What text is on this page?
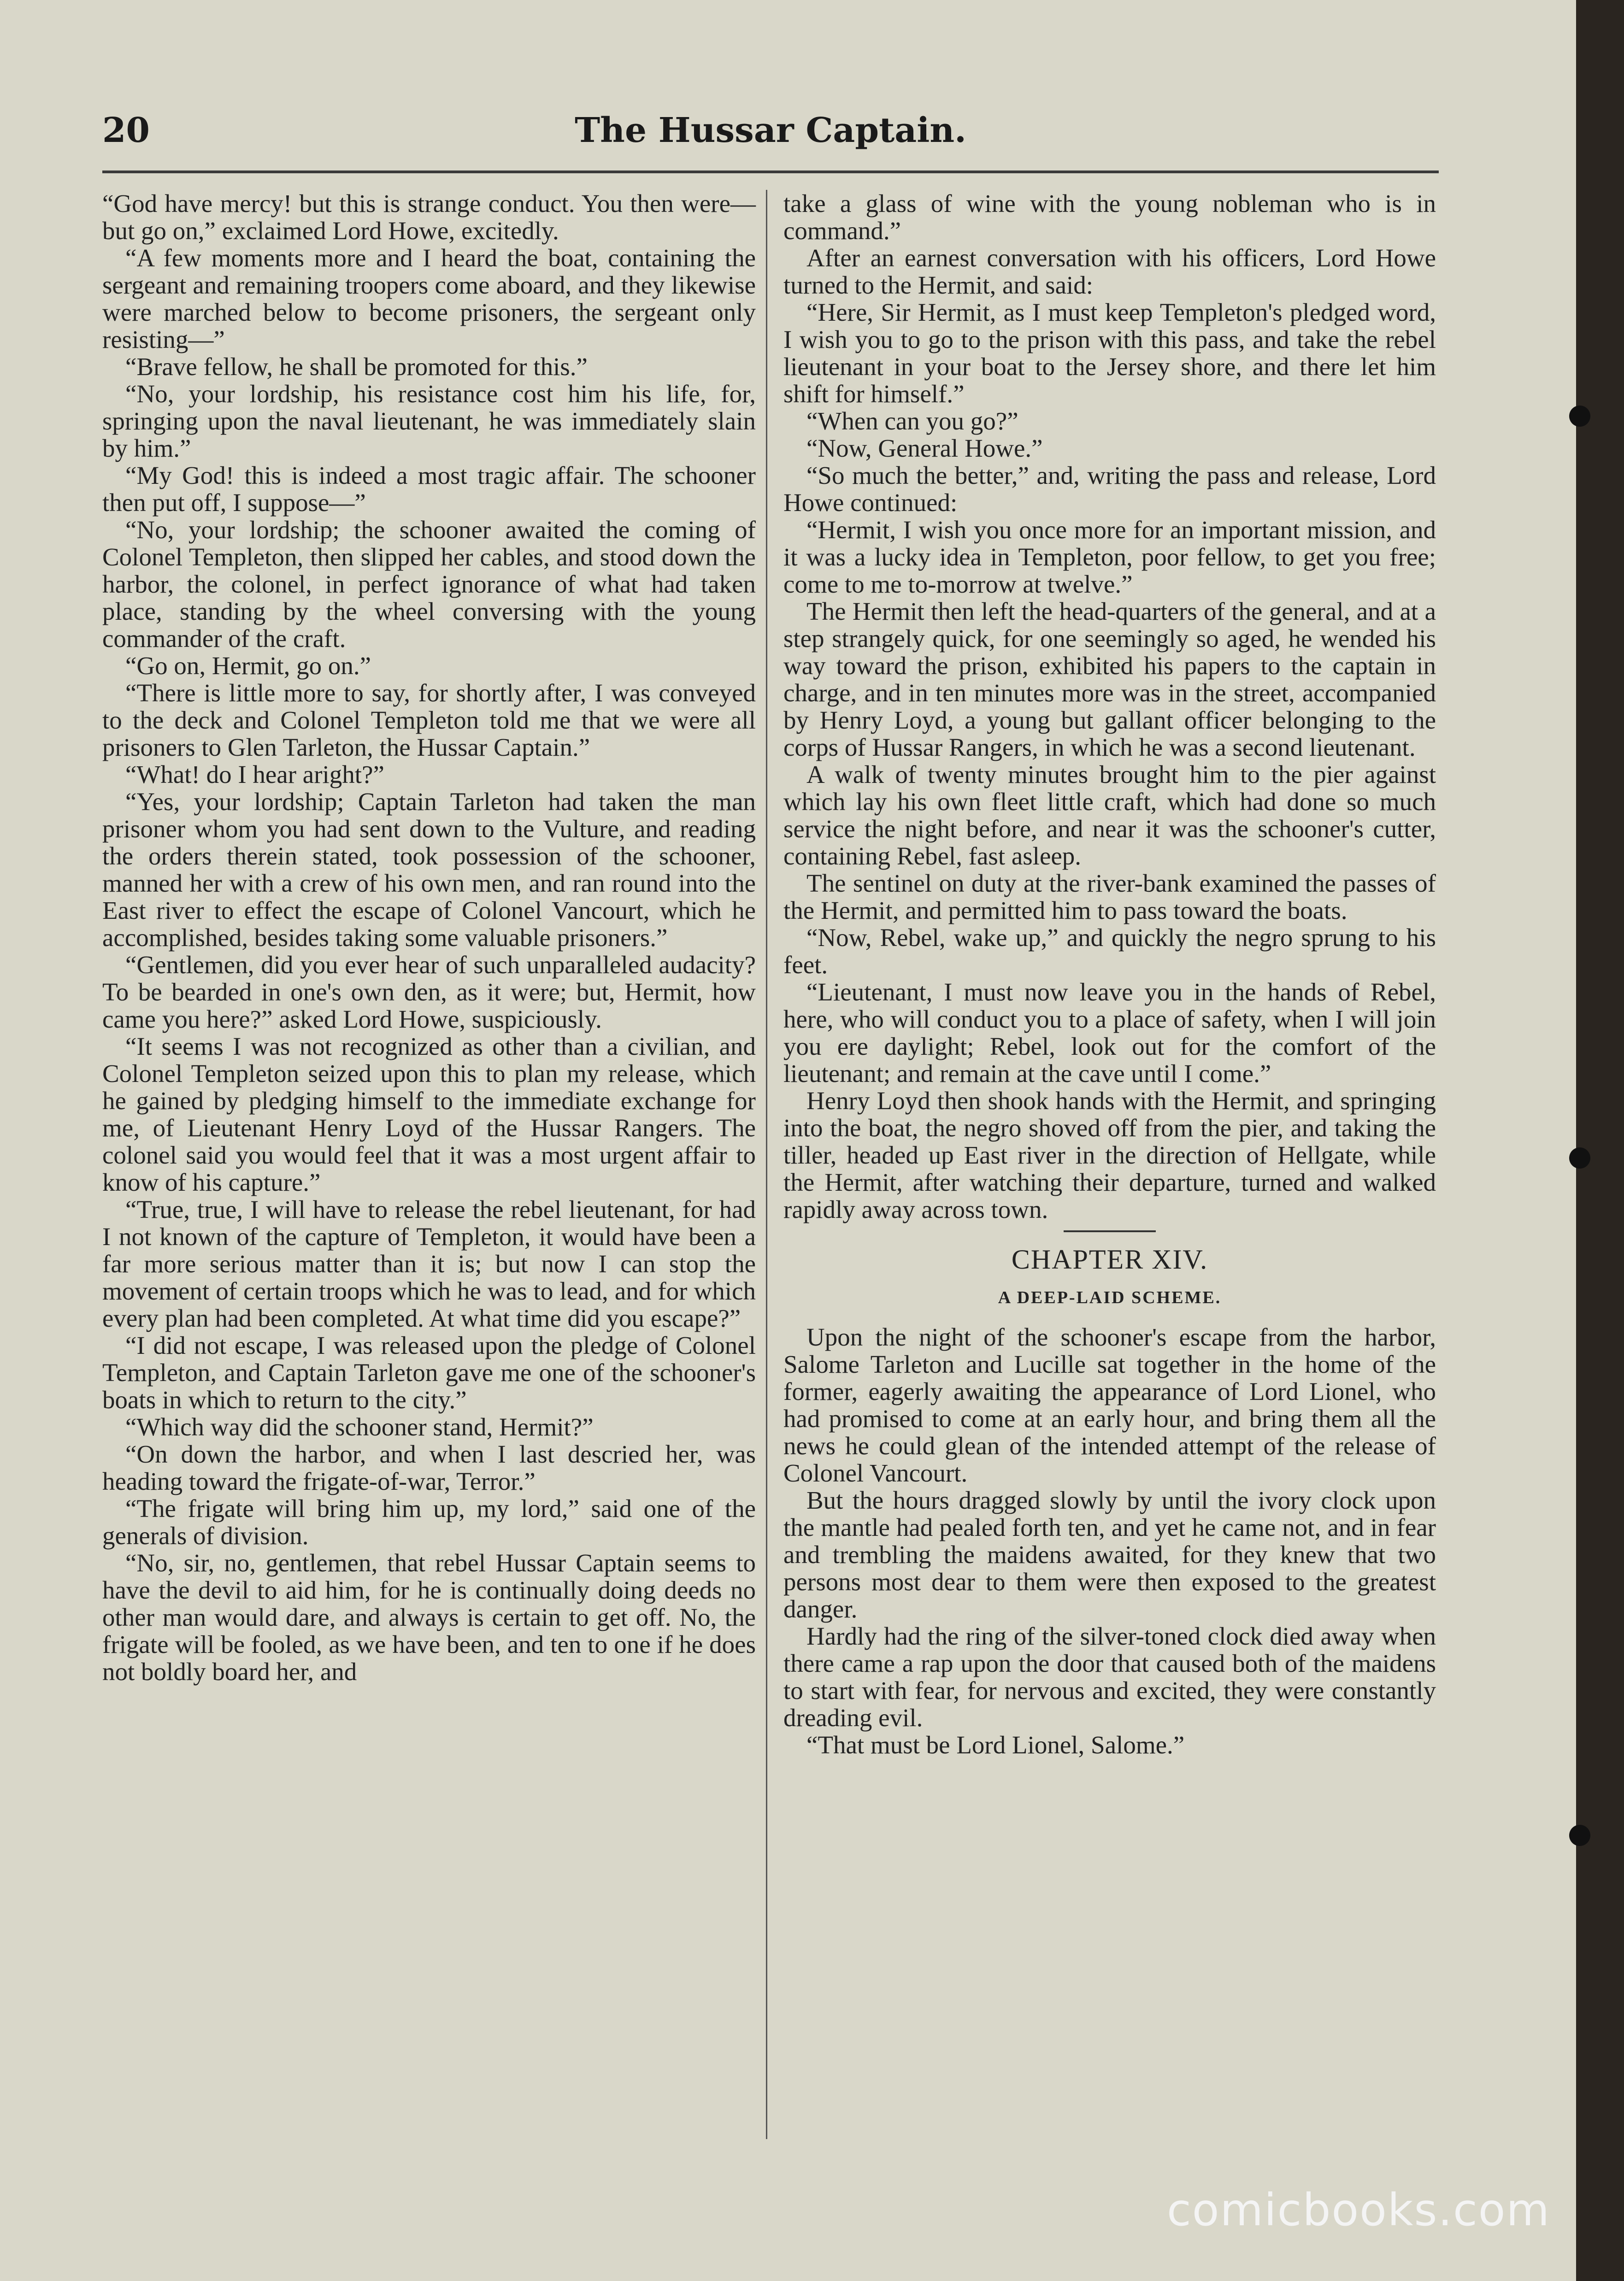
20	The Hussar Captain.

“God have mercy! but this is strange conduct. You then were—but go on,” exclaimed Lord Howe, excitedly.

“A few moments more and I heard the boat, containing the sergeant and remaining troopers come aboard, and they likewise were marched below to become prisoners, the sergeant only resisting—”

“Brave fellow, he shall be promoted for this.”

“No, your lordship, his resistance cost him his life, for, springing upon the naval lieutenant, he was immediately slain by him.”

“My God! this is indeed a most tragic affair. The schooner then put off, I suppose—”

“No, your lordship; the schooner awaited the coming of Colonel Templeton, then slipped her cables, and stood down the harbor, the colonel, in perfect ignorance of what had taken place, standing by the wheel conversing with the young commander of the craft.

“Go on, Hermit, go on.”

“There is little more to say, for shortly after, I was conveyed to the deck and Colonel Templeton told me that we were all prisoners to Glen Tarleton, the Hussar Captain.”

“What! do I hear aright?”

“Yes, your lordship; Captain Tarleton had taken the man prisoner whom you had sent down to the Vulture, and reading the orders therein stated, took possession of the schooner, manned her with a crew of his own men, and ran round into the East river to effect the escape of Colonel Vancourt, which he accomplished, besides taking some valuable prisoners.”

“Gentlemen, did you ever hear of such unparalleled audacity? To be bearded in one's own den, as it were; but, Hermit, how came you here?” asked Lord Howe, suspiciously.

“It seems I was not recognized as other than a civilian, and Colonel Templeton seized upon this to plan my release, which he gained by pledging himself to the immediate exchange for me, of Lieutenant Henry Loyd of the Hussar Rangers. The colonel said you would feel that it was a most urgent affair to know of his capture.”

“True, true, I will have to release the rebel lieutenant, for had I not known of the capture of Templeton, it would have been a far more serious matter than it is; but now I can stop the movement of certain troops which he was to lead, and for which every plan had been completed. At what time did you escape?”

“I did not escape, I was released upon the pledge of Colonel Templeton, and Captain Tarleton gave me one of the schooner's boats in which to return to the city.”

“Which way did the schooner stand, Hermit?”

“On down the harbor, and when I last descried her, was heading toward the frigate-of-war, Terror.”

“The frigate will bring him up, my lord,” said one of the generals of division.

“No, sir, no, gentlemen, that rebel Hussar Captain seems to have the devil to aid him, for he is continually doing deeds no other man would dare, and always is certain to get off. No, the frigate will be fooled, as we have been, and ten to one if he does not boldly board her, and

take a glass of wine with the young nobleman who is in command.”

After an earnest conversation with his officers, Lord Howe turned to the Hermit, and said:

“Here, Sir Hermit, as I must keep Templeton's pledged word, I wish you to go to the prison with this pass, and take the rebel lieutenant in your boat to the Jersey shore, and there let him shift for himself.”

“When can you go?”

“Now, General Howe.”

“So much the better,” and, writing the pass and release, Lord Howe continued:

“Hermit, I wish you once more for an important mission, and it was a lucky idea in Templeton, poor fellow, to get you free; come to me to-morrow at twelve.”

The Hermit then left the head-quarters of the general, and at a step strangely quick, for one seemingly so aged, he wended his way toward the prison, exhibited his papers to the captain in charge, and in ten minutes more was in the street, accompanied by Henry Loyd, a young but gallant officer belonging to the corps of Hussar Rangers, in which he was a second lieutenant.

A walk of twenty minutes brought him to the pier against which lay his own fleet little craft, which had done so much service the night before, and near it was the schooner's cutter, containing Rebel, fast asleep.

The sentinel on duty at the river-bank examined the passes of the Hermit, and permitted him to pass toward the boats.

“Now, Rebel, wake up,” and quickly the negro sprung to his feet.

“Lieutenant, I must now leave you in the hands of Rebel, here, who will conduct you to a place of safety, when I will join you ere daylight; Rebel, look out for the comfort of the lieutenant; and remain at the cave until I come.”

Henry Loyd then shook hands with the Hermit, and springing into the boat, the negro shoved off from the pier, and taking the tiller, headed up East river in the direction of Hellgate, while the Hermit, after watching their departure, turned and walked rapidly away across town.

CHAPTER XIV.
A DEEP-LAID SCHEME.

Upon the night of the schooner's escape from the harbor, Salome Tarleton and Lucille sat together in the home of the former, eagerly awaiting the appearance of Lord Lionel, who had promised to come at an early hour, and bring them all the news he could glean of the intended attempt of the release of Colonel Vancourt.

But the hours dragged slowly by until the ivory clock upon the mantle had pealed forth ten, and yet he came not, and in fear and trembling the maidens awaited, for they knew that two persons most dear to them were then exposed to the greatest danger.

Hardly had the ring of the silver-toned clock died away when there came a rap upon the door that caused both of the maidens to start with fear, for nervous and excited, they were constantly dreading evil.

“That must be Lord Lionel, Salome.”

comicbooks.com
